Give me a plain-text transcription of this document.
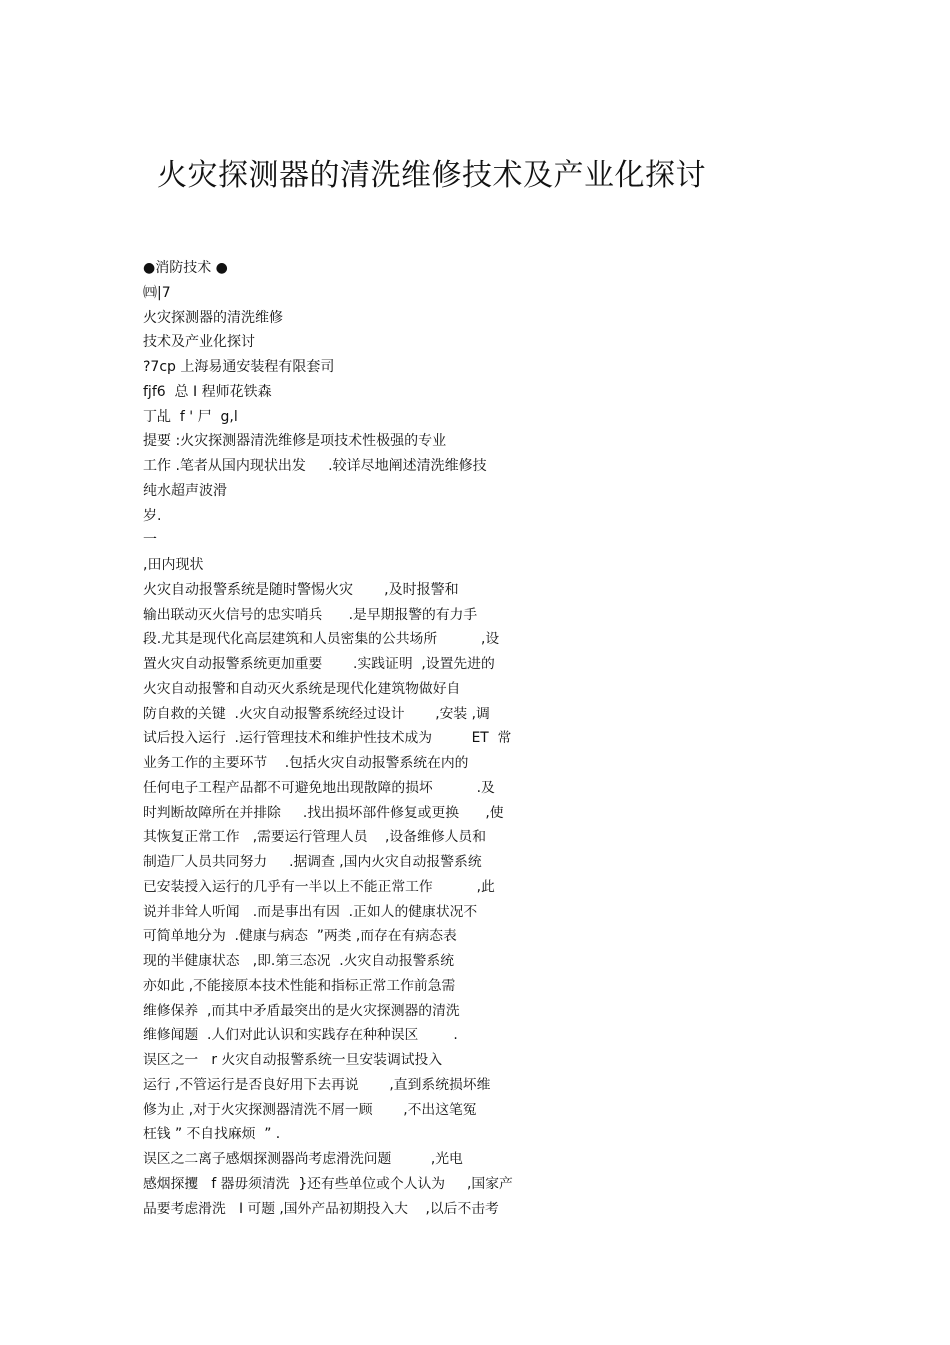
火灾探测器的清洗维修技术及产业化探讨
●消防技术 ●
㈣|7
火灾探测器的清洗维修
技术及产业化探讨
?7cp 上海易通安装程有限套司
fjf6  总 I 程师花铁森
丁乩  f ' 尸  g,l
提要 :火灾探测器清洗维修是项技术性极强的专业
工作 .笔者从国内现状出发     .较详尽地阐述清洗维修技
纯水超声波滑
岁.
一
,田内现状
火灾自动报警系统是随时警惕火灾       ,及时报警和
输出联动灭火信号的忠实哨兵      .是早期报警的有力手
段.尤其是现代化高层建筑和人员密集的公共场所          ,设
置火灾自动报警系统更加重要       .实践证明  ,设置先进的
火灾自动报警和自动灭火系统是现代化建筑物做好自
防自救的关键  .火灾自动报警系统经过设计       ,安装 ,调
试后投入运行  .运行管理技术和维护性技术成为         ET  常
业务工作的主要环节    .包括火灾自动报警系统在内的
任何电子工程产品都不可避免地出现散障的损坏          .及
时判断故障所在并排除     .找出损坏部件修复或更换      ,使
其恢复正常工作   ,需要运行管理人员    ,设备维修人员和
制造厂人员共同努力     .据调查 ,国内火灾自动报警系统
已安装授入运行的几乎有一半以上不能正常工作          ,此
说并非耸人听闻   .而是事出有因  .正如人的健康状况不
可简单地分为  .健康与病态  ”两类 ,而存在有病态表
现的半健康状态   ,即.第三态况  .火灾自动报警系统
亦如此 ,不能接原本技术性能和指标正常工作前急需
维修保养  ,而其中矛盾最突出的是火灾探测器的清洗
维修闻题  .人们对此认识和实践存在种种误区        .
误区之一   r 火灾自动报警系统一旦安装调试投入
运行 ,不管运行是否良好用下去再说       ,直到系统损坏维
修为止 ,对于火灾探测器清洗不屑一顾       ,不出这笔冤
枉钱 ” 不自找麻烦  ” .
误区之二离子感烟探测器尚考虑滑洗问题         ,光电
感烟探攫   f 器毋须清洗  }还有些单位或个人认为     ,国家产
品要考虑滑洗   I 可题 ,国外产品初期投入大    ,以后不击考
